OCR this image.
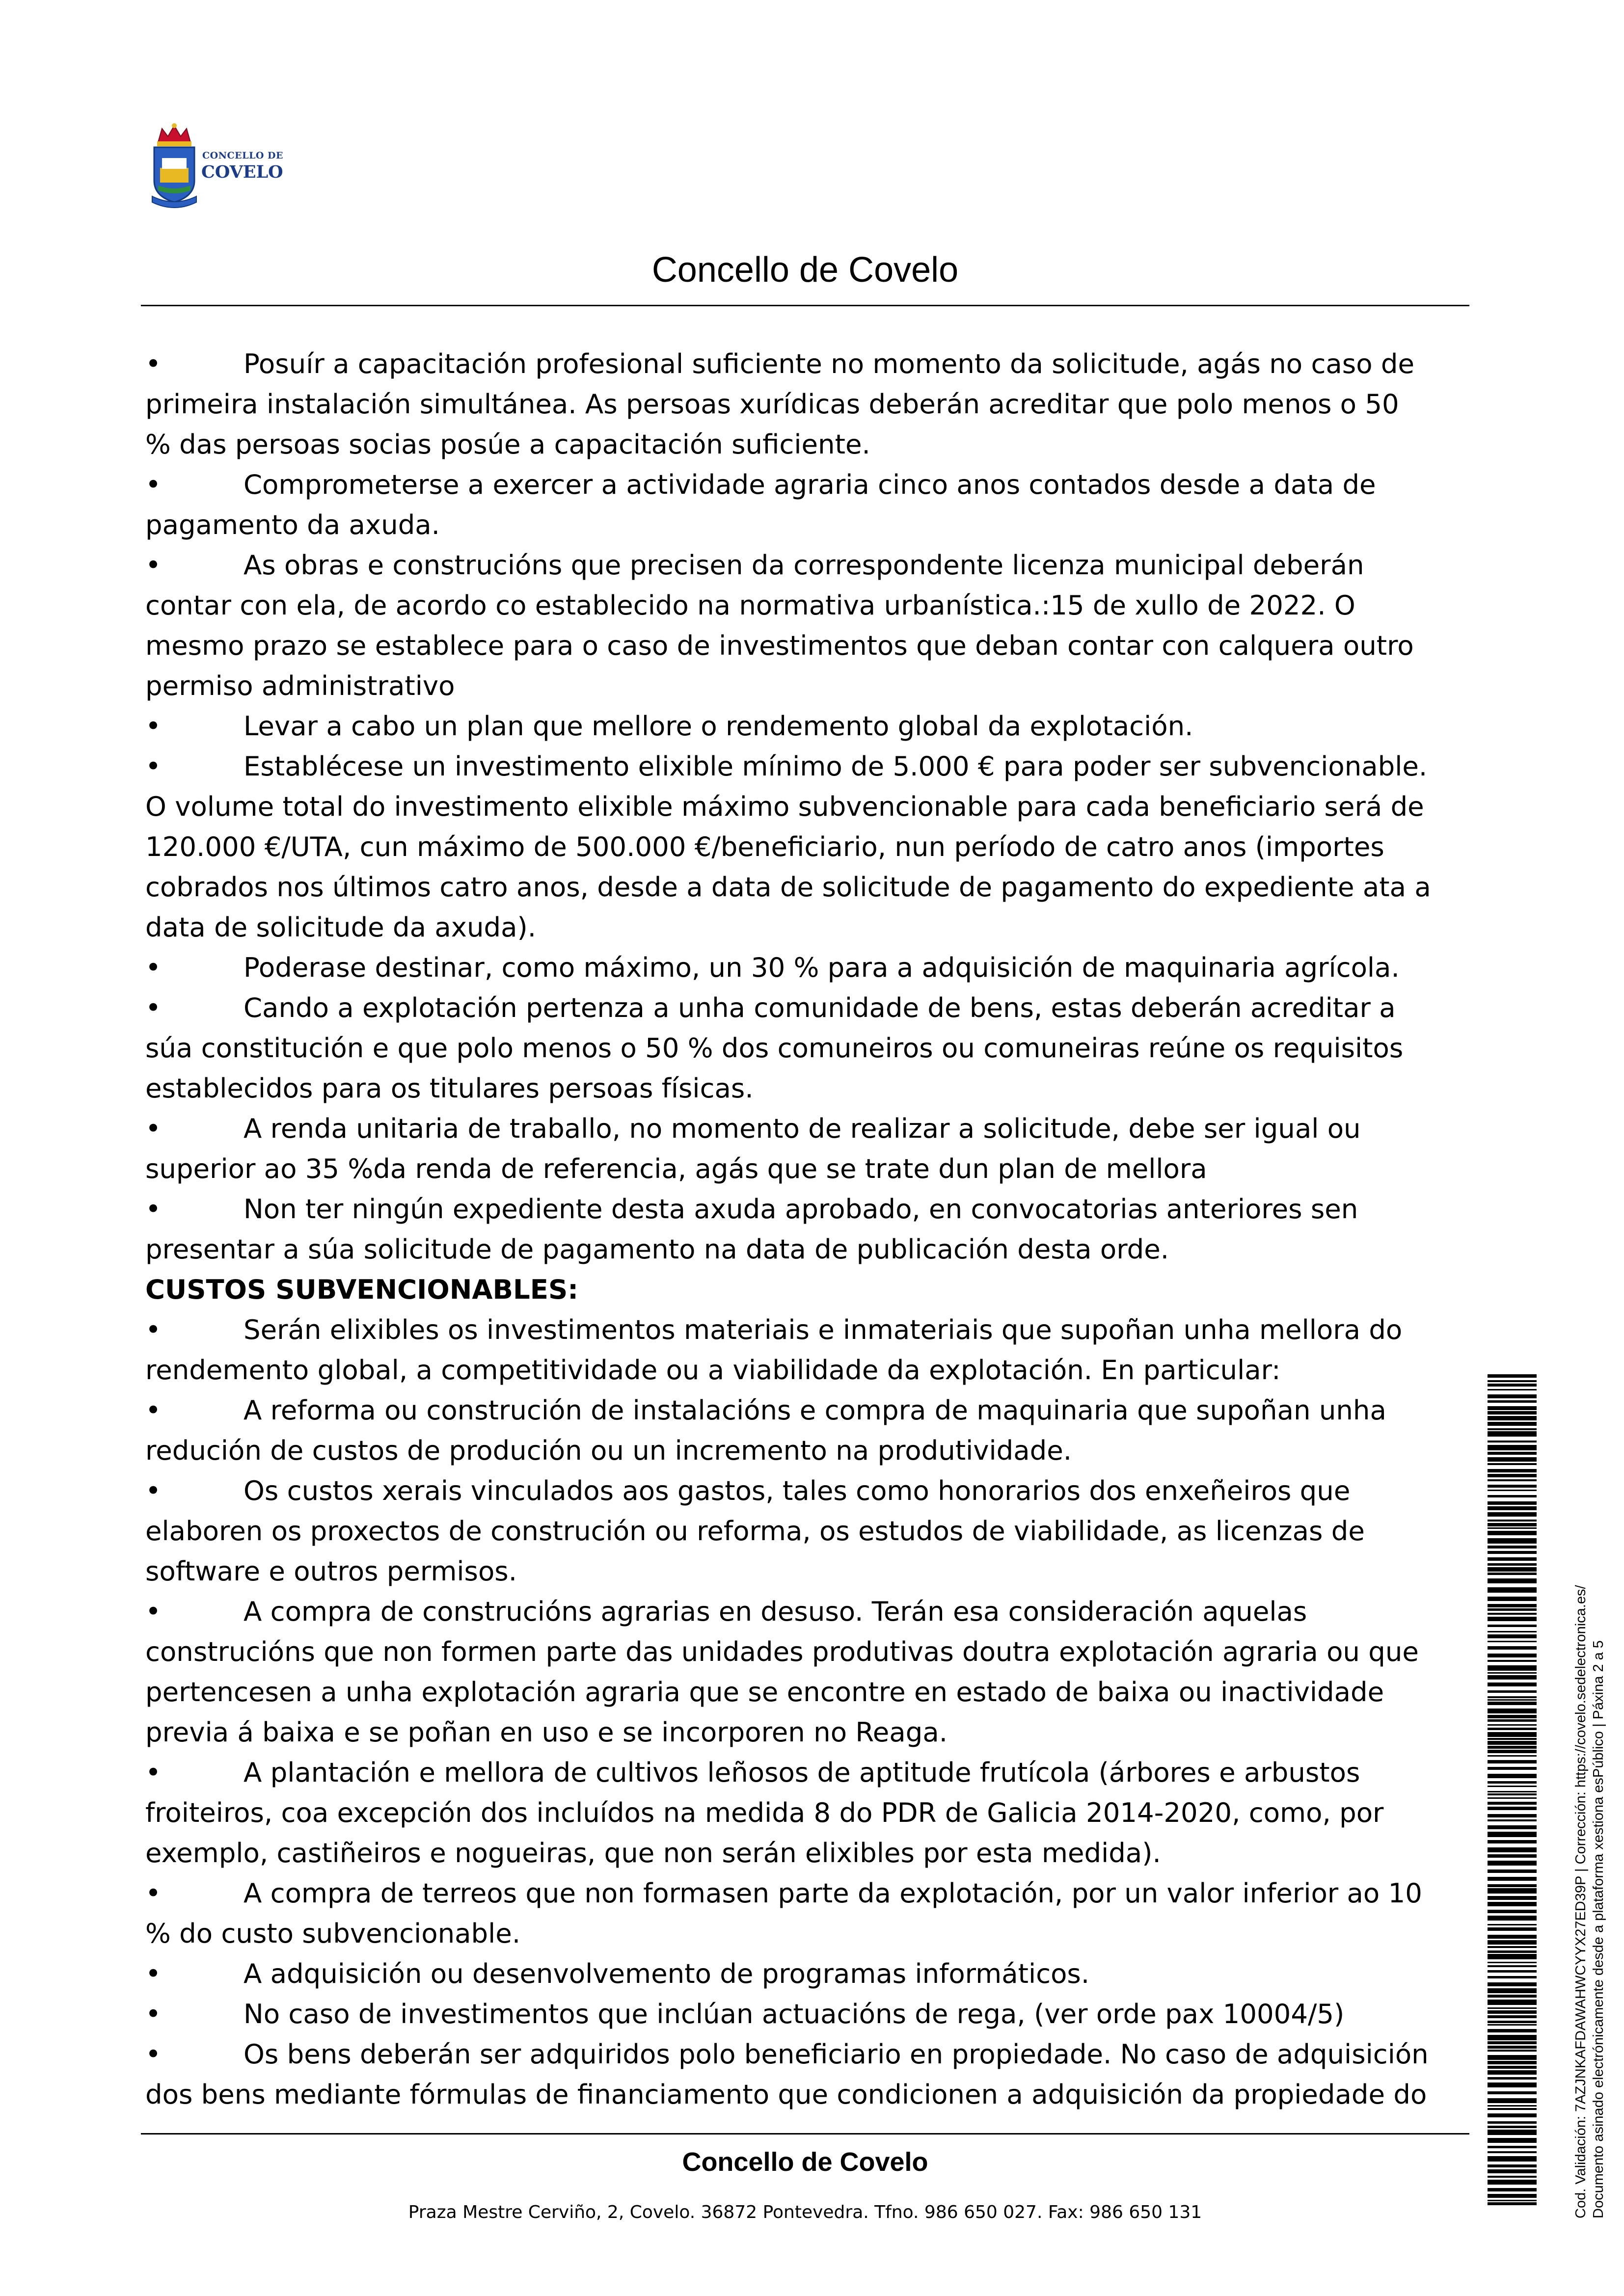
CONCELLO DE
COVELO
Concello de Covelo

•	Posuír a capacitación profesional suficiente no momento da solicitude, agás no caso de primeira instalación simultánea. As persoas xurídicas deberán acreditar que polo menos o 50 % das persoas socias posúe a capacitación suficiente.

•	Comprometerse a exercer a actividade agraria cinco anos contados desde a data de pagamento da axuda.

•	As obras e construcións que precisen da correspondente licenza municipal deberán contar con ela, de acordo co establecido na normativa urbanística.:15 de xullo de 2022. O mesmo prazo se establece para o caso de investimentos que deban contar con calquera outro permiso administrativo

•	Levar a cabo un plan que mellore o rendemento global da explotación.

•	Establécese un investimento elixible mínimo de 5.000 € para poder ser subvencionable. O volume total do investimento elixible máximo subvencionable para cada beneficiario será de 120.000 €/UTA, cun máximo de 500.000 €/beneficiario, nun período de catro anos (importes cobrados nos últimos catro anos, desde a data de solicitude de pagamento do expediente ata a data de solicitude da axuda).

•	Poderase destinar, como máximo, un 30 % para a adquisición de maquinaria agrícola.

•	Cando a explotación pertenza a unha comunidade de bens, estas deberán acreditar a súa constitución e que polo menos o 50 % dos comuneiros ou comuneiras reúne os requisitos establecidos para os titulares persoas físicas.

•	A renda unitaria de traballo, no momento de realizar a solicitude, debe ser igual ou superior ao 35 %da renda de referencia, agás que se trate dun plan de mellora

•	Non ter ningún expediente desta axuda aprobado, en convocatorias anteriores sen presentar a súa solicitude de pagamento na data de publicación desta orde.

CUSTOS SUBVENCIONABLES:

•	Serán elixibles os investimentos materiais e inmateriais que supoñan unha mellora do rendemento global, a competitividade ou a viabilidade da explotación. En particular:

•	A reforma ou construción de instalacións e compra de maquinaria que supoñan unha redución de custos de produción ou un incremento na produtividade.

•	Os custos xerais vinculados aos gastos, tales como honorarios dos enxeñeiros que elaboren os proxectos de construción ou reforma, os estudos de viabilidade, as licenzas de software e outros permisos.

•	A compra de construcións agrarias en desuso. Terán esa consideración aquelas construcións que non formen parte das unidades produtivas doutra explotación agraria ou que pertencesen a unha explotación agraria que se encontre en estado de baixa ou inactividade previa á baixa e se poñan en uso e se incorporen no Reaga.

•	A plantación e mellora de cultivos leñosos de aptitude frutícola (árbores e arbustos froiteiros, coa excepción dos incluídos na medida 8 do PDR de Galicia 2014-2020, como, por exemplo, castiñeiros e nogueiras, que non serán elixibles por esta medida).

•	A compra de terreos que non formasen parte da explotación, por un valor inferior ao 10 % do custo subvencionable.

•	A adquisición ou desenvolvemento de programas informáticos.

•	No caso de investimentos que inclúan actuacións de rega, (ver orde pax 10004/5)

•	Os bens deberán ser adquiridos polo beneficiario en propiedade. No caso de adquisición dos bens mediante fórmulas de financiamento que condicionen a adquisición da propiedade do

Concello de Covelo
Praza Mestre Cerviño, 2, Covelo. 36872 Pontevedra. Tfno. 986 650 027. Fax: 986 650 131	Cod. Validación: 7AZJNKAFDAWAHWCYYX27ED39P | Corrección: https://covelo.sedelectronica.es/ Documento asinado electrónicamente desde a plataforma xestiona esPúblico | Páxina 2 a 5
